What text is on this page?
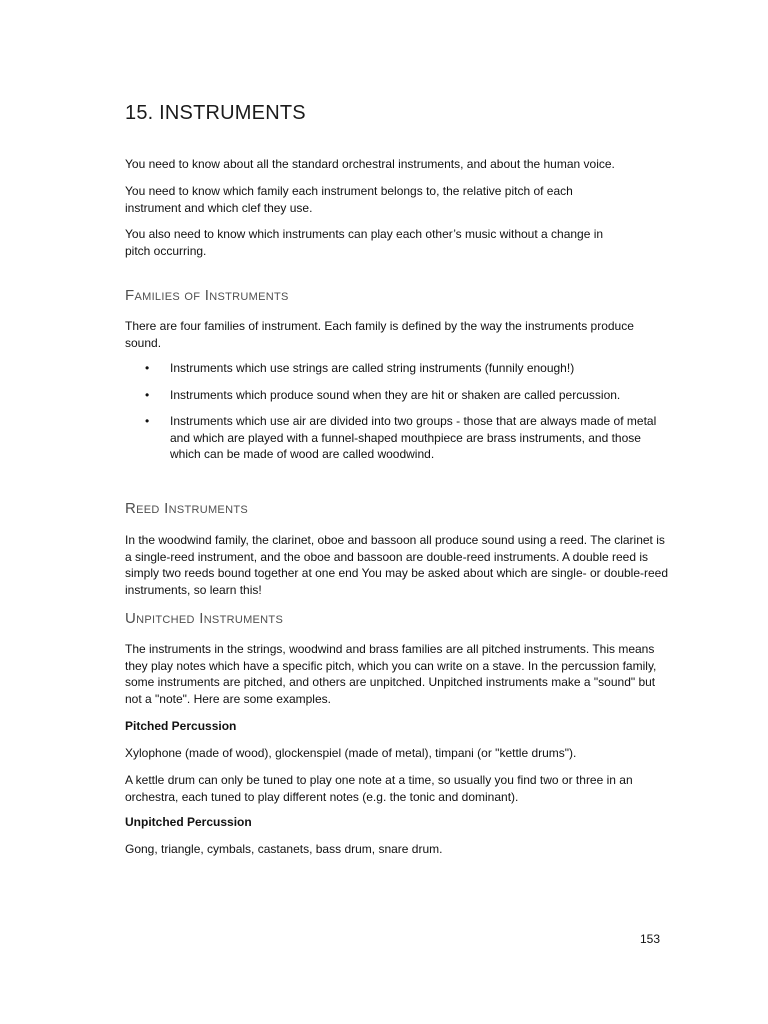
15. INSTRUMENTS

You need to know about all the standard orchestral instruments, and about the human voice.

You need to know which family each instrument belongs to, the relative pitch of each instrument and which clef they use.

You also need to know which instruments can play each other’s music without a change in pitch occurring.

Families of Instruments

There are four families of instrument. Each family is defined by the way the instruments produce sound.

• Instruments which use strings are called string instruments (funnily enough!)
• Instruments which produce sound when they are hit or shaken are called percussion.
• Instruments which use air are divided into two groups - those that are always made of metal and which are played with a funnel-shaped mouthpiece are brass instruments, and those which can be made of wood are called woodwind.
Reed Instruments

In the woodwind family, the clarinet, oboe and bassoon all produce sound using a reed. The clarinet is a single-reed instrument, and the oboe and bassoon are double-reed instruments. A double reed is simply two reeds bound together at one end You may be asked about which are single- or double-reed instruments, so learn this!

Unpitched Instruments

The instruments in the strings, woodwind and brass families are all pitched instruments. This means they play notes which have a specific pitch, which you can write on a stave. In the percussion family, some instruments are pitched, and others are unpitched. Unpitched instruments make a "sound" but not a "note". Here are some examples.

Pitched Percussion

Xylophone (made of wood), glockenspiel (made of metal), timpani (or "kettle drums").

A kettle drum can only be tuned to play one note at a time, so usually you find two or three in an orchestra, each tuned to play different notes (e.g. the tonic and dominant).

Unpitched Percussion

Gong, triangle, cymbals, castanets, bass drum, snare drum.

153
